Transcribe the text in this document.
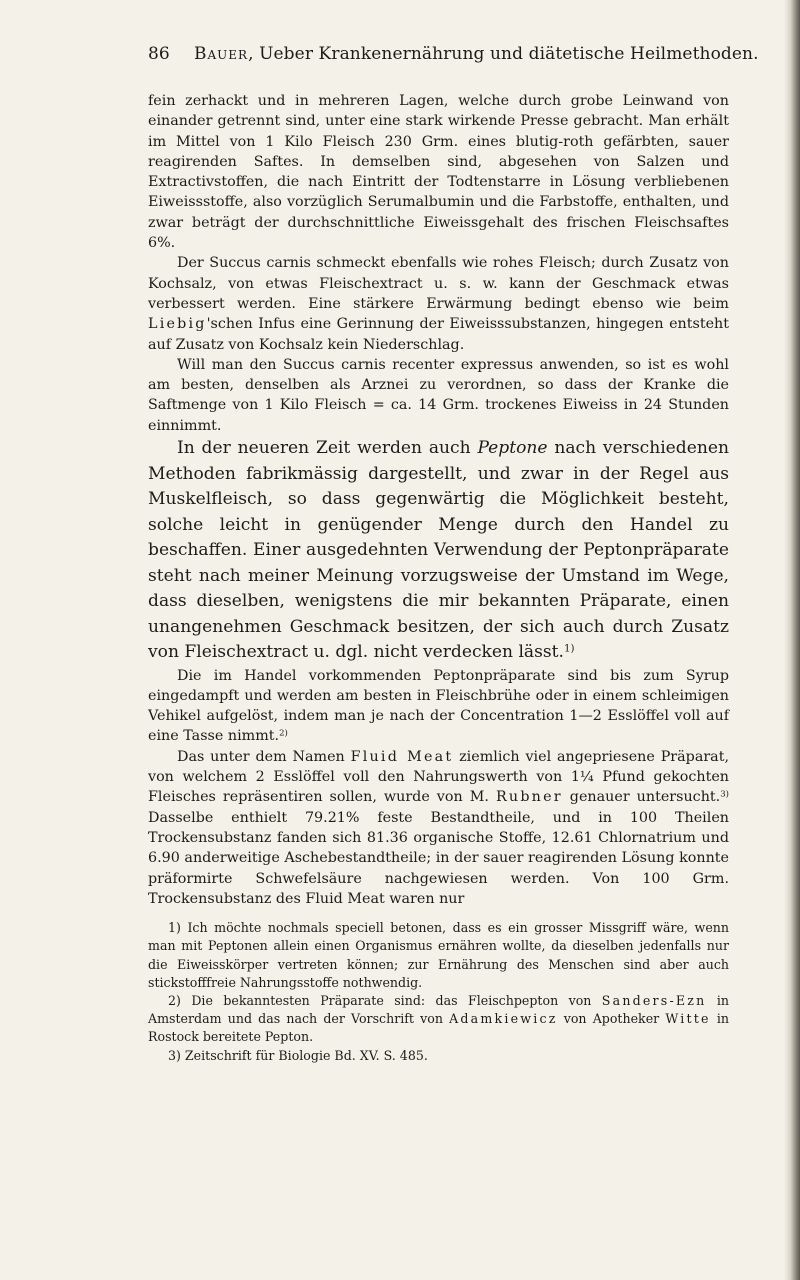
86 Bauer, Ueber Krankenernährung und diätetische Heilmethoden.

fein zerhackt und in mehreren Lagen, welche durch grobe Leinwand von einander getrennt sind, unter eine stark wirkende Presse gebracht. Man erhält im Mittel von 1 Kilo Fleisch 230 Grm. eines blutig-roth gefärbten, sauer reagirenden Saftes. In demselben sind, abgesehen von Salzen und Extractivstoffen, die nach Eintritt der Todtenstarre in Lösung verbliebenen Eiweissstoffe, also vorzüglich Serumalbumin und die Farbstoffe, enthalten, und zwar beträgt der durchschnittliche Eiweissgehalt des frischen Fleischsaftes 6%.

Der Succus carnis schmeckt ebenfalls wie rohes Fleisch; durch Zusatz von Kochsalz, von etwas Fleischextract u. s. w. kann der Geschmack etwas verbessert werden. Eine stärkere Erwärmung bedingt ebenso wie beim Liebig'schen Infus eine Gerinnung der Eiweisssubstanzen, hingegen entsteht auf Zusatz von Kochsalz kein Niederschlag.

Will man den Succus carnis recenter expressus anwenden, so ist es wohl am besten, denselben als Arznei zu verordnen, so dass der Kranke die Saftmenge von 1 Kilo Fleisch = ca. 14 Grm. trockenes Eiweiss in 24 Stunden einnimmt.

In der neueren Zeit werden auch Peptone nach verschiedenen Methoden fabrikmässig dargestellt, und zwar in der Regel aus Muskelfleisch, so dass gegenwärtig die Möglichkeit besteht, solche leicht in genügender Menge durch den Handel zu beschaffen. Einer ausgedehnten Verwendung der Peptonpräparate steht nach meiner Meinung vorzugsweise der Umstand im Wege, dass dieselben, wenigstens die mir bekannten Präparate, einen unangenehmen Geschmack besitzen, der sich auch durch Zusatz von Fleischextract u. dgl. nicht verdecken lässt.$^{1)}$

Die im Handel vorkommenden Peptonpräparate sind bis zum Syrup eingedampft und werden am besten in Fleischbrühe oder in einem schleimigen Vehikel aufgelöst, indem man je nach der Concentration 1—2 Esslöffel voll auf eine Tasse nimmt.$^{2)}$

Das unter dem Namen Fluid Meat ziemlich viel angepriesene Präparat, von welchem 2 Esslöffel voll den Nahrungswerth von 1¼ Pfund gekochten Fleisches repräsentiren sollen, wurde von M. Rubner genauer untersucht.$^{3)}$ Dasselbe enthielt 79.21% feste Bestandtheile, und in 100 Theilen Trockensubstanz fanden sich 81.36 organische Stoffe, 12.61 Chlornatrium und 6.90 anderweitige Aschebestandtheile; in der sauer reagirenden Lösung konnte präformirte Schwefelsäure nachgewiesen werden. Von 100 Grm. Trockensubstanz des Fluid Meat waren nur

1) Ich möchte nochmals speciell betonen, dass es ein grosser Missgriff wäre, wenn man mit Peptonen allein einen Organismus ernähren wollte, da dieselben jedenfalls nur die Eiweisskörper vertreten können; zur Ernährung des Menschen sind aber auch stickstofffreie Nahrungsstoffe nothwendig.

2) Die bekanntesten Präparate sind: das Fleischpepton von Sanders-Ezn in Amsterdam und das nach der Vorschrift von Adamkiewicz von Apotheker Witte in Rostock bereitete Pepton.

3) Zeitschrift für Biologie Bd. XV. S. 485.
